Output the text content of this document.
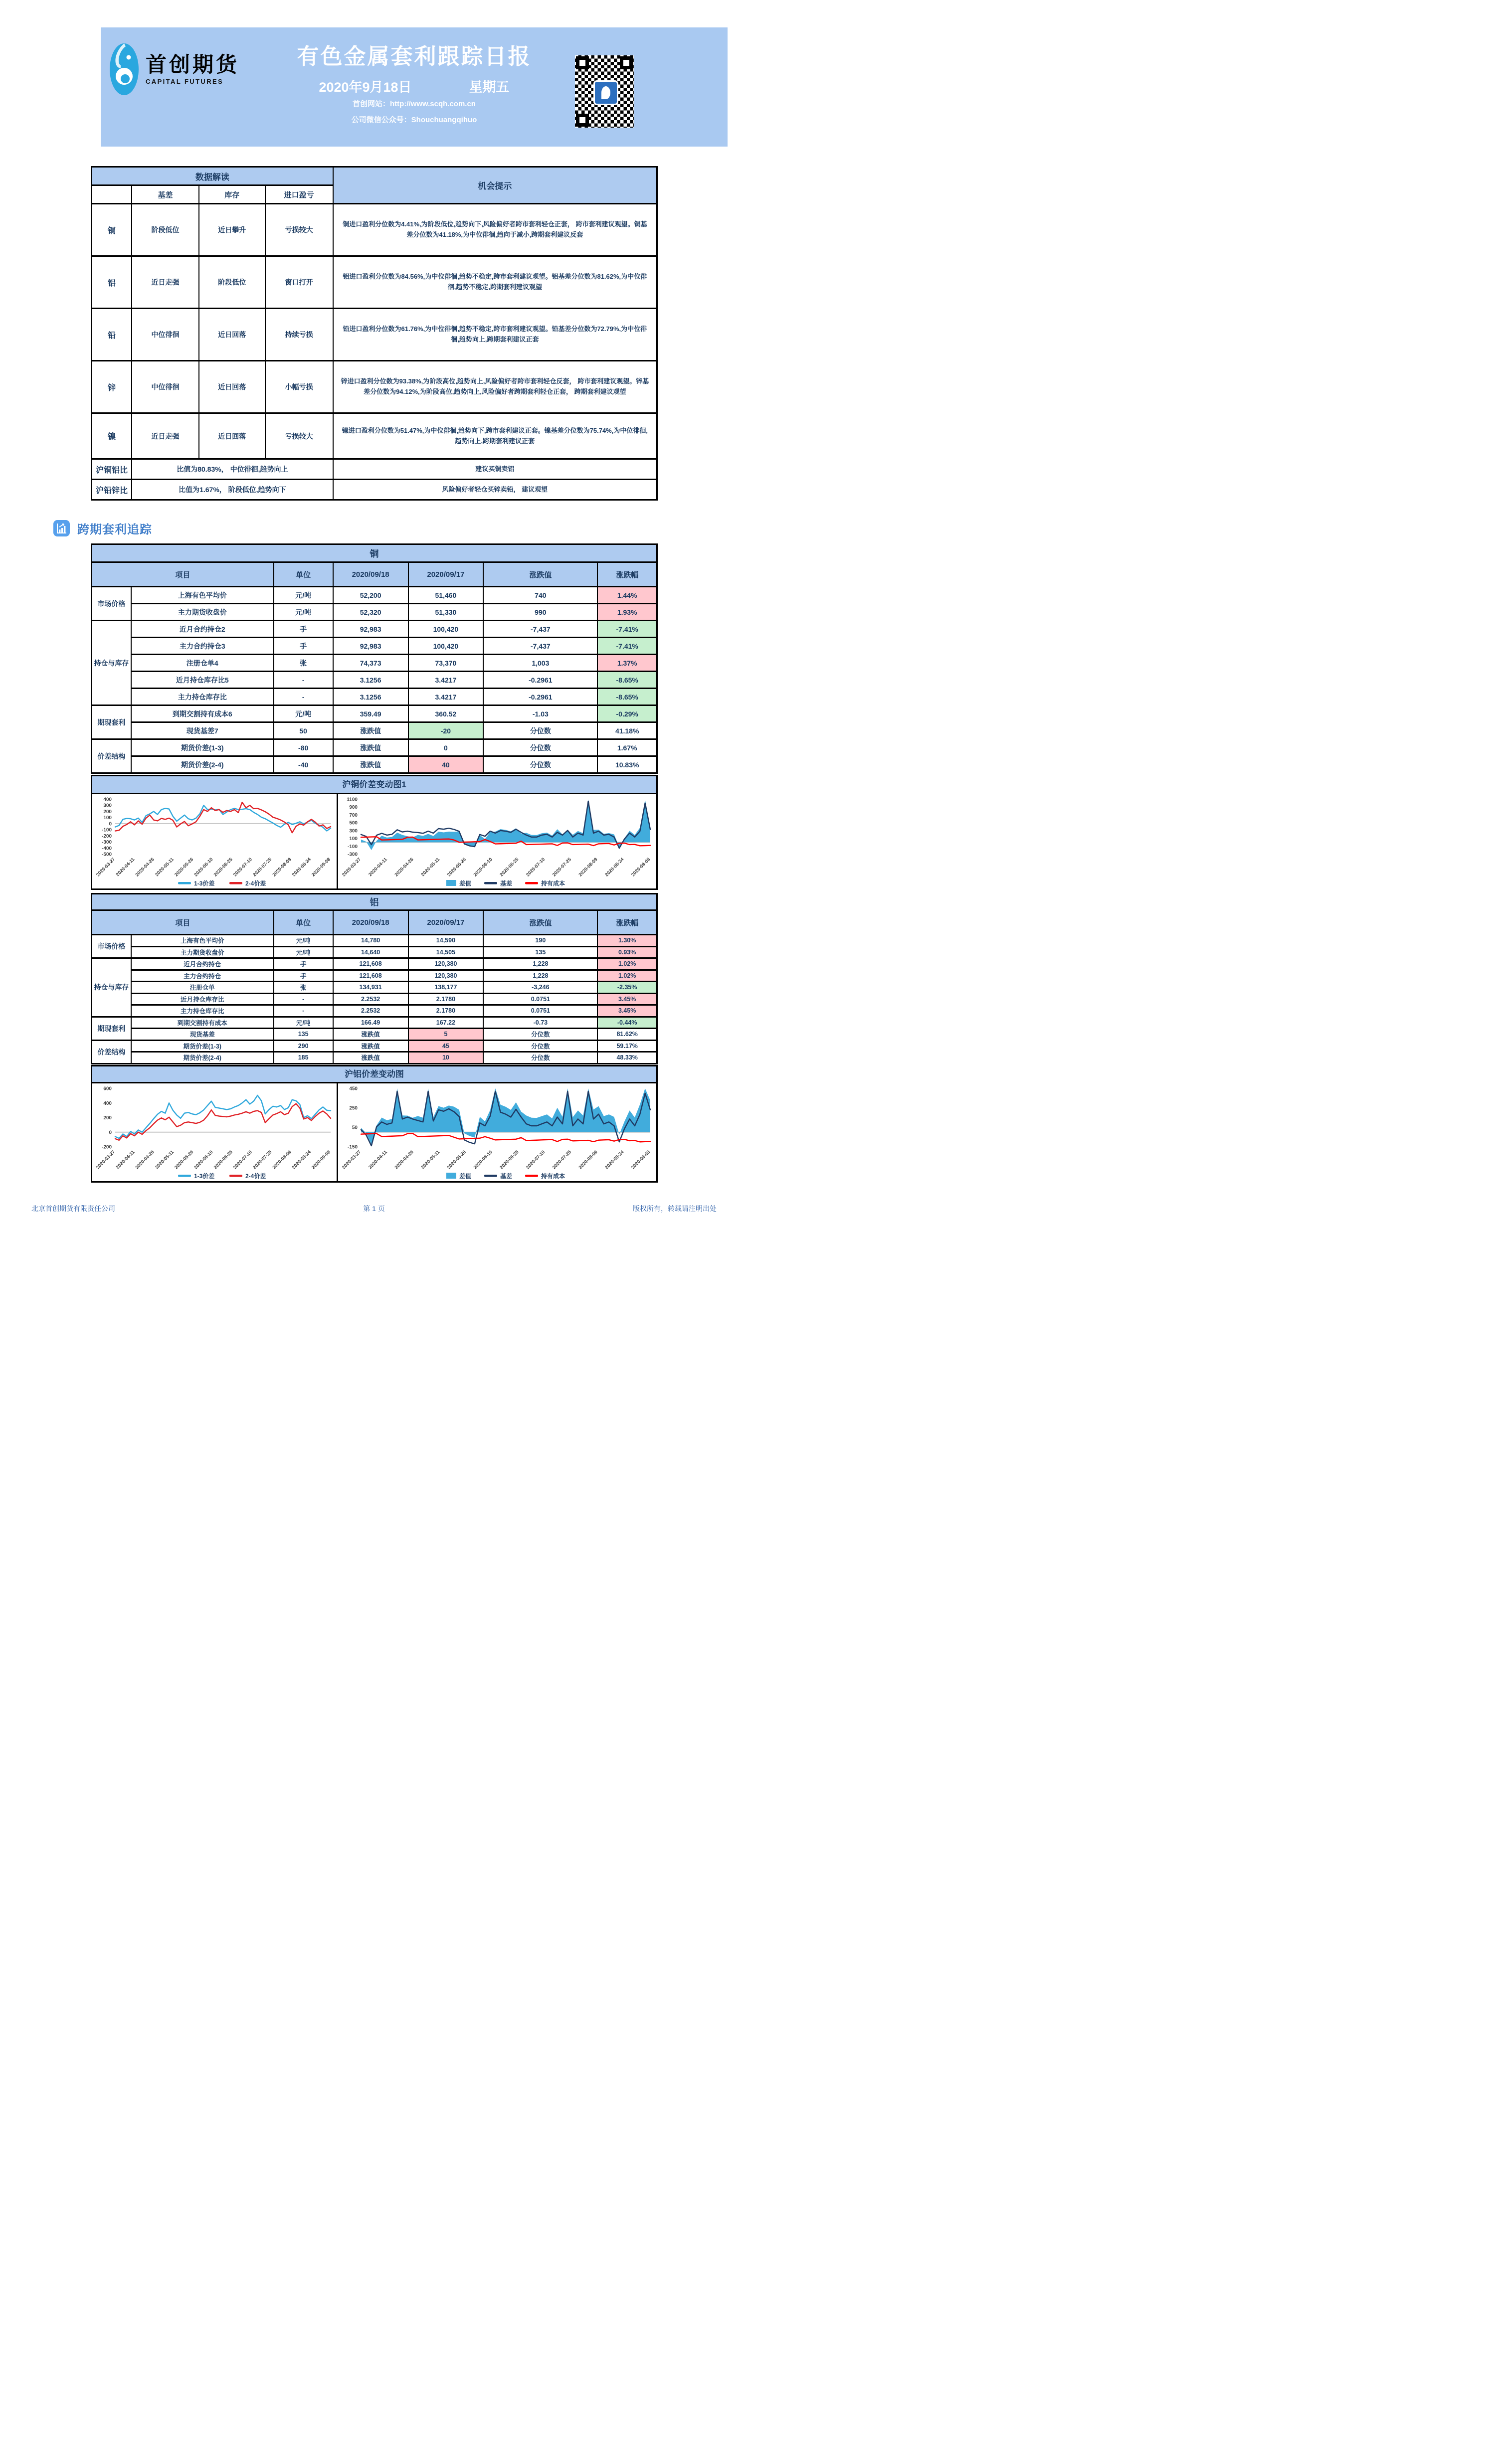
首创期货
CAPITAL FUTURES
有色金属套利跟踪日报
2020年9月18日	星期五
首创网站：http://www.scqh.com.cn
公司微信公众号：Shouchuangqihuo
数据解读				机会提示
	基差	库存	进口盈亏	
铜	阶段低位	近日攀升	亏损较大	铜进口盈利分位数为4.41%,为阶段低位,趋势向下,风险偏好者跨市套利轻仓正套， 跨市套利建议观望。铜基差分位数为41.18%,为中位徘徊,趋向于减小,跨期套利建议反套
铝	近日走强	阶段低位	窗口打开	铝进口盈利分位数为84.56%,为中位徘徊,趋势不稳定,跨市套利建议观望。铝基差分位数为81.62%,为中位徘徊,趋势不稳定,跨期套利建议观望
铅	中位徘徊	近日回落	持续亏损	铅进口盈利分位数为61.76%,为中位徘徊,趋势不稳定,跨市套利建议观望。铅基差分位数为72.79%,为中位徘徊,趋势向上,跨期套利建议正套
锌	中位徘徊	近日回落	小幅亏损	锌进口盈利分位数为93.38%,为阶段高位,趋势向上,风险偏好者跨市套利轻仓反套， 跨市套利建议观望。锌基差分位数为94.12%,为阶段高位,趋势向上,风险偏好者跨期套利轻仓正套， 跨期套利建议观望
镍	近日走强	近日回落	亏损较大	镍进口盈利分位数为51.47%,为中位徘徊,趋势向下,跨市套利建议正套。镍基差分位数为75.74%,为中位徘徊,趋势向上,跨期套利建议正套
沪铜铝比	比值为80.83%， 中位徘徊,趋势向上			建议买铜卖铝
沪铅锌比	比值为1.67%， 阶段低位,趋势向下			风险偏好者轻仓买锌卖铅， 建议观望
跨期套利追踪
铜
项目		单位	2020/09/18	2020/09/17	涨跌值	涨跌幅
市场价格	上海有色平均价	元/吨	52,200	51,460	740	1.44%
	主力期货收盘价	元/吨	52,320	51,330	990	1.93%
持仓与库存	近月合约持仓2	手	92,983	100,420	-7,437	-7.41%
	主力合约持仓3	手	92,983	100,420	-7,437	-7.41%
	注册仓单4	张	74,373	73,370	1,003	1.37%
	近月持仓库存比5	-	3.1256	3.4217	-0.2961	-8.65%
	主力持仓库存比	-	3.1256	3.4217	-0.2961	-8.65%
期现套利	到期交割持有成本6	元/吨	359.49	360.52	-1.03	-0.29%
	现货基差7	50	涨跌值	-20	分位数	41.18%
价差结构	期货价差(1-3)	-80	涨跌值	0	分位数	1.67%
	期货价差(2-4)	-40	涨跌值	40	分位数	10.83%
沪铜价差变动图1
400
300
200
100
0
-100
-200
-300
-400
-500
2020-03-27
2020-04-11
2020-04-26
2020-05-11
2020-05-26
2020-06-10
2020-06-25
2020-07-10
2020-07-25
2020-08-09
2020-08-24
2020-09-08
1-3价差	2-4价差
1100
900
700
500
300
100
-100
-300
2020-03-27 2020-04-11 2020-04-26 2020-05-11 2020-05-26 2020-06-10 2020-06-25 2020-07-10 2020-07-25 2020-08-09 2020-08-24 2020-09-08
差值	基差	持有成本
铝
项目		单位	2020/09/18	2020/09/17	涨跌值	涨跌幅
市场价格	上海有色平均价	元/吨	14,780	14,590	190	1.30%
	主力期货收盘价	元/吨	14,640	14,505	135	0.93%
持仓与库存	近月合约持仓	手	121,608	120,380	1,228	1.02%
	主力合约持仓	手	121,608	120,380	1,228	1.02%
	注册仓单	张	134,931	138,177	-3,246	-2.35%
	近月持仓库存比	-	2.2532	2.1780	0.0751	3.45%
	主力持仓库存比	-	2.2532	2.1780	0.0751	3.45%
期现套利	到期交割持有成本	元/吨	166.49	167.22	-0.73	-0.44%
	现货基差	135	涨跌值	5	分位数	81.62%
价差结构	期货价差(1-3)	290	涨跌值	45	分位数	59.17%
	期货价差(2-4)	185	涨跌值	10	分位数	48.33%
沪铝价差变动图
600
400
200
0
-200
2020-03-27
2020-04-11
2020-04-26
2020-05-11
2020-05-26
2020-06-10
2020-06-25
2020-07-10
2020-07-25
2020-08-09
2020-08-24
2020-09-08
1-3价差	2-4价差
450
250
50
-150
2020-03-27 2020-04-11 2020-04-26 2020-05-11 2020-05-26 2020-06-10 2020-06-25 2020-07-10 2020-07-25 2020-08-09 2020-08-24 2020-09-08
差值	基差	持有成本
北京首创期货有限责任公司	第 1 页	版权所有，转载请注明出处
